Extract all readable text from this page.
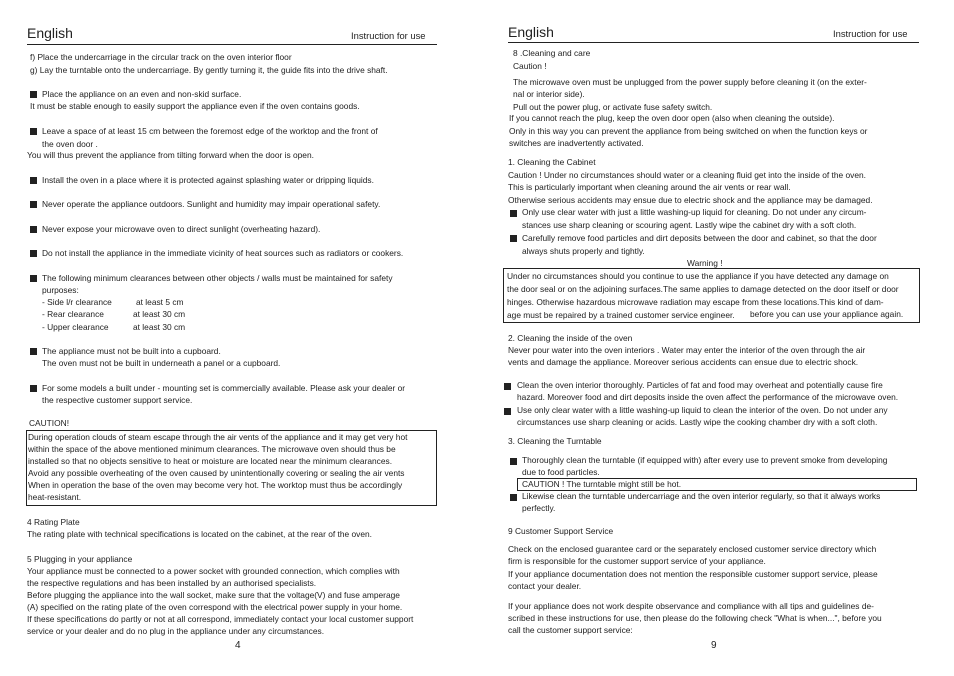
English	Instruction for use
f) Place the undercarriage in the circular track on the oven interior floor
g) Lay the turntable onto the undercarriage. By gently turning it, the guide fits into the drive shaft.
Place the appliance on an even and non-skid surface.
It must be stable enough to easily support the appliance even if the oven contains goods.
Leave a space of at least 15 cm between the foremost edge of the worktop and the front of
the oven door .
You will thus prevent the appliance from tilting forward when the door is open.
Install the oven in a place where it is protected against splashing water or dripping liquids.
Never operate the appliance outdoors. Sunlight and humidity may impair operational safety.
Never expose your microwave oven to direct sunlight (overheating hazard).
Do not install the appliance in the immediate vicinity of heat sources such as radiators or cookers.
The following minimum clearances between other objects / walls must be maintained for safety
purposes:
- Side l/r clearance	at least 5 cm
- Rear clearance	at least 30 cm
- Upper clearance	at least 30 cm
The appliance must not be built into a cupboard.
The oven must not be built in underneath a panel or a cupboard.
For some models a built under - mounting set is commercially available. Please ask your dealer or
the respective customer support service.
CAUTION!
During operation clouds of steam escape through the air vents of the appliance and it may get very hot
within the space of the above mentioned minimum clearances. The microwave oven should thus be
installed so that no objects sensitive to heat or moisture are located near the minimum clearances.
Avoid any possible overheating of the oven caused by unintentionally covering or sealing the air vents
When in operation the base of the oven may become very hot. The worktop must thus be accordingly
heat-resistant.
4 Rating Plate
The rating plate with technical specifications is located on the cabinet, at the rear of the oven.
5 Plugging in your appliance
Your appliance must be connected to a power socket with grounded connection, which complies with
the respective regulations and has been installed by an authorised specialists.
Before plugging the appliance into the wall socket, make sure that the voltage(V) and fuse amperage
(A) specified on the rating plate of the oven correspond with the electrical power supply in your home.
If these specifications do partly or not at all correspond, immediately contact your local customer support
service or your dealer and do no plug in the appliance under any circumstances.
4
English	Instruction for use
8 .Cleaning and care
Caution !
The microwave oven must be unplugged from the power supply before cleaning it (on the exter-
nal or interior side).
Pull out the power plug, or activate fuse safety switch.
If you cannot reach the plug, keep the oven door open (also when cleaning the outside).
Only in this way you can prevent the appliance from being switched on when the function keys or
switches are inadvertently activated.
1. Cleaning the Cabinet
Caution ! Under no circumstances should water or a cleaning fluid get into the inside of the oven.
This is particularly important when cleaning around the air vents or rear wall.
Otherwise serious accidents may ensue due to electric shock and the appliance may be damaged.
Only use clear water with just a little washing-up liquid for cleaning. Do not under any circum-
stances use sharp cleaning or scouring agent. Lastly wipe the cabinet dry with a soft cloth.
Carefully remove food particles and dirt deposits between the door and cabinet, so that the door
always shuts properly and tightly.
Warning !
Under no circumstances should you continue to use the appliance if you have detected any damage on
the door seal or on the adjoining surfaces.The same applies to damage detected on the door itself or door
hinges. Otherwise hazardous microwave radiation may escape from these locations.This kind of dam-
age must be repaired by a trained customer service engineer. before you can use your appliance again.
2. Cleaning the inside of the oven
Never pour water into the oven interiors . Water may enter the interior of the oven through the air
vents and damage the appliance. Moreover serious accidents can ensue due to electric shock.
Clean the oven interior thoroughly. Particles of fat and food may overheat and potentially cause fire
hazard. Moreover food and dirt deposits inside the oven affect the performance of the microwave oven.
Use only clear water with a little washing-up liquid to clean the interior of the oven. Do not under any
circumstances use sharp cleaning or acids. Lastly wipe the cooking chamber dry with a soft cloth.
3. Cleaning the Turntable
Thoroughly clean the turntable (if equipped with) after every use to prevent smoke from developing
due to food particles.
CAUTION ! The turntable might still be hot.
Likewise clean the turntable undercarriage and the oven interior regularly, so that it always works
perfectly.
9 Customer Support Service
Check on the enclosed guarantee card or the separately enclosed customer service directory which
firm is responsible for the customer support service of your appliance.
If your appliance documentation does not mention the responsible customer support service, please
contact your dealer.
If your appliance does not work despite observance and compliance with all tips and guidelines de-
scribed in these instructions for use, then please do the following check "What is when...", before you
call the customer support service:
9
